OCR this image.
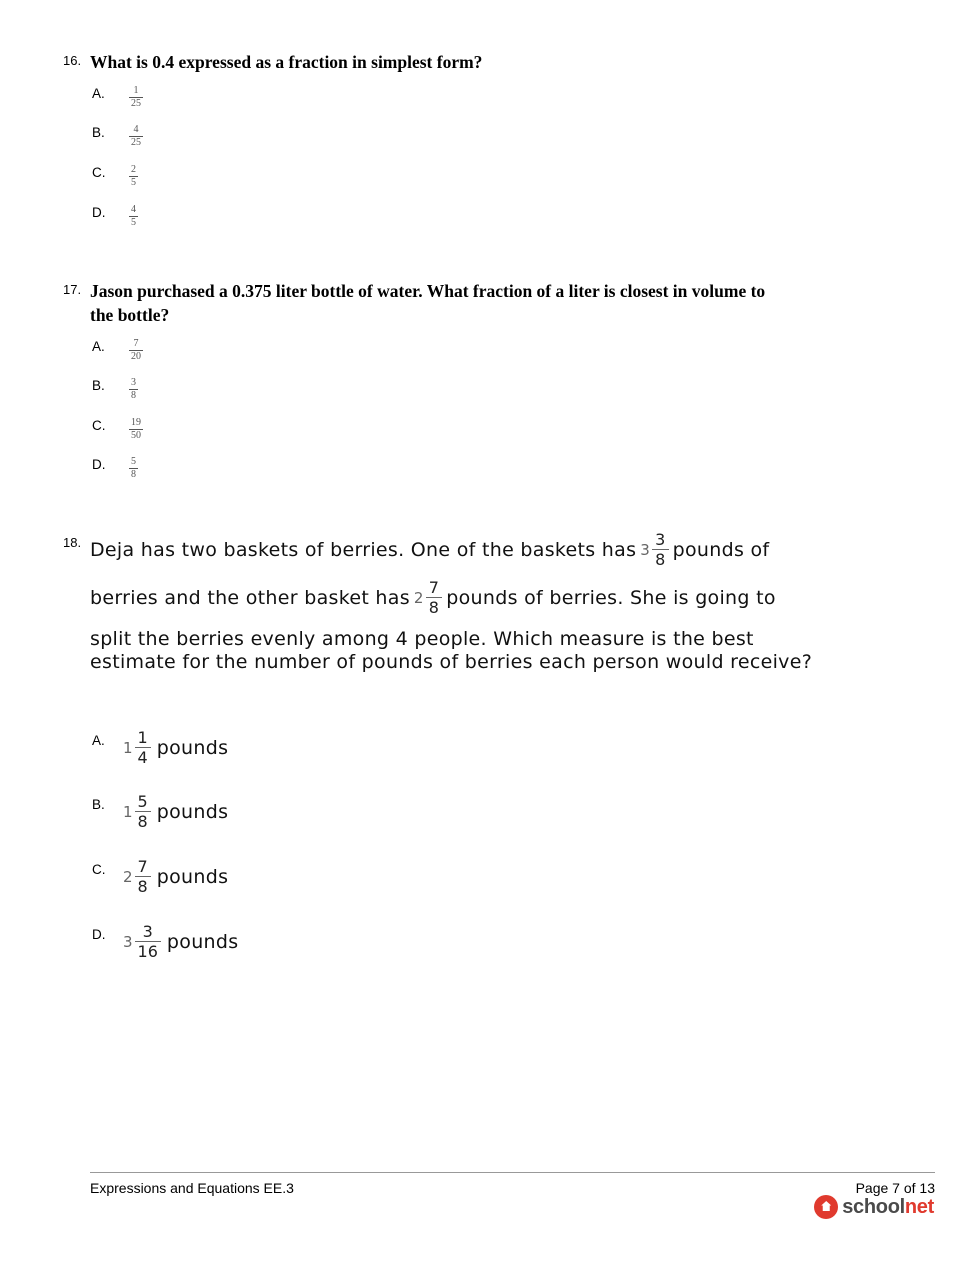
16. What is 0.4 expressed as a fraction in simplest form?
A.	1
25
B.	4
25
C.	2
5
D.	4
5
17. Jason purchased a 0.375 liter bottle of water. What fraction of a liter is closest in volume to
the bottle?
A.	7
20
B.	3
8
C.	19
50
D.	5
8
18. Deja has two baskets of berries. One of the baskets has $3 \frac{3}{8}$ pounds of
berries and the other basket has $2 \frac{7}{8}$ pounds of berries. She is going to
split the berries evenly among 4 people. Which measure is the best
estimate for the number of pounds of berries each person would receive?
A. $1 \frac{1}{4}$ pounds
B. $1 \frac{5}{8}$ pounds
C. $2 \frac{7}{8}$ pounds
D. $3 \frac{3}{16}$ pounds
Expressions and Equations EE.3	Page 7 of 13
schoolnet
